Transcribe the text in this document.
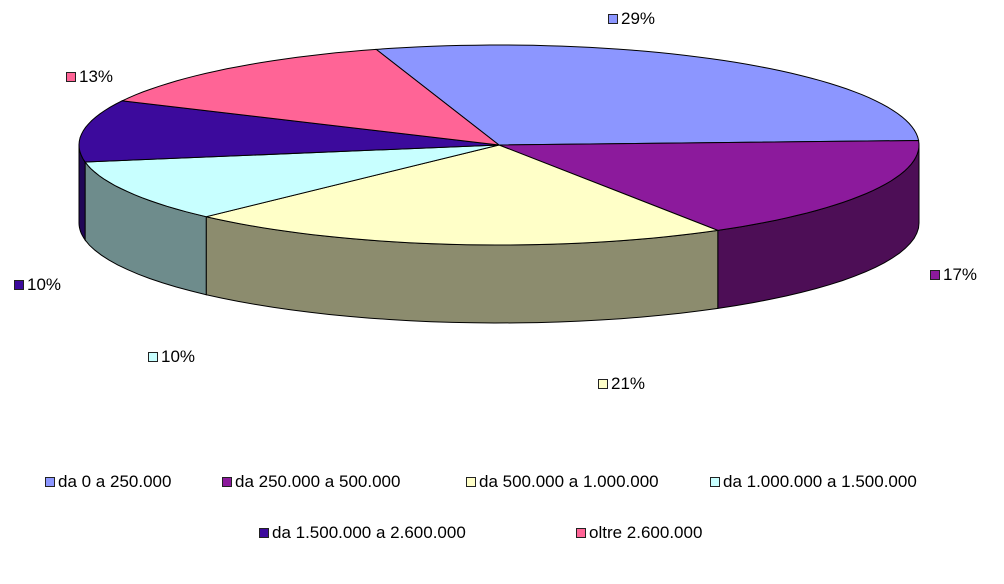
29%
17%
21%
10%
10%
13%
da 0 a 250.000	da 250.000 a 500.000	da 500.000 a 1.000.000	da 1.000.000 a 1.500.000
da 1.500.000 a 2.600.000	oltre 2.600.000
